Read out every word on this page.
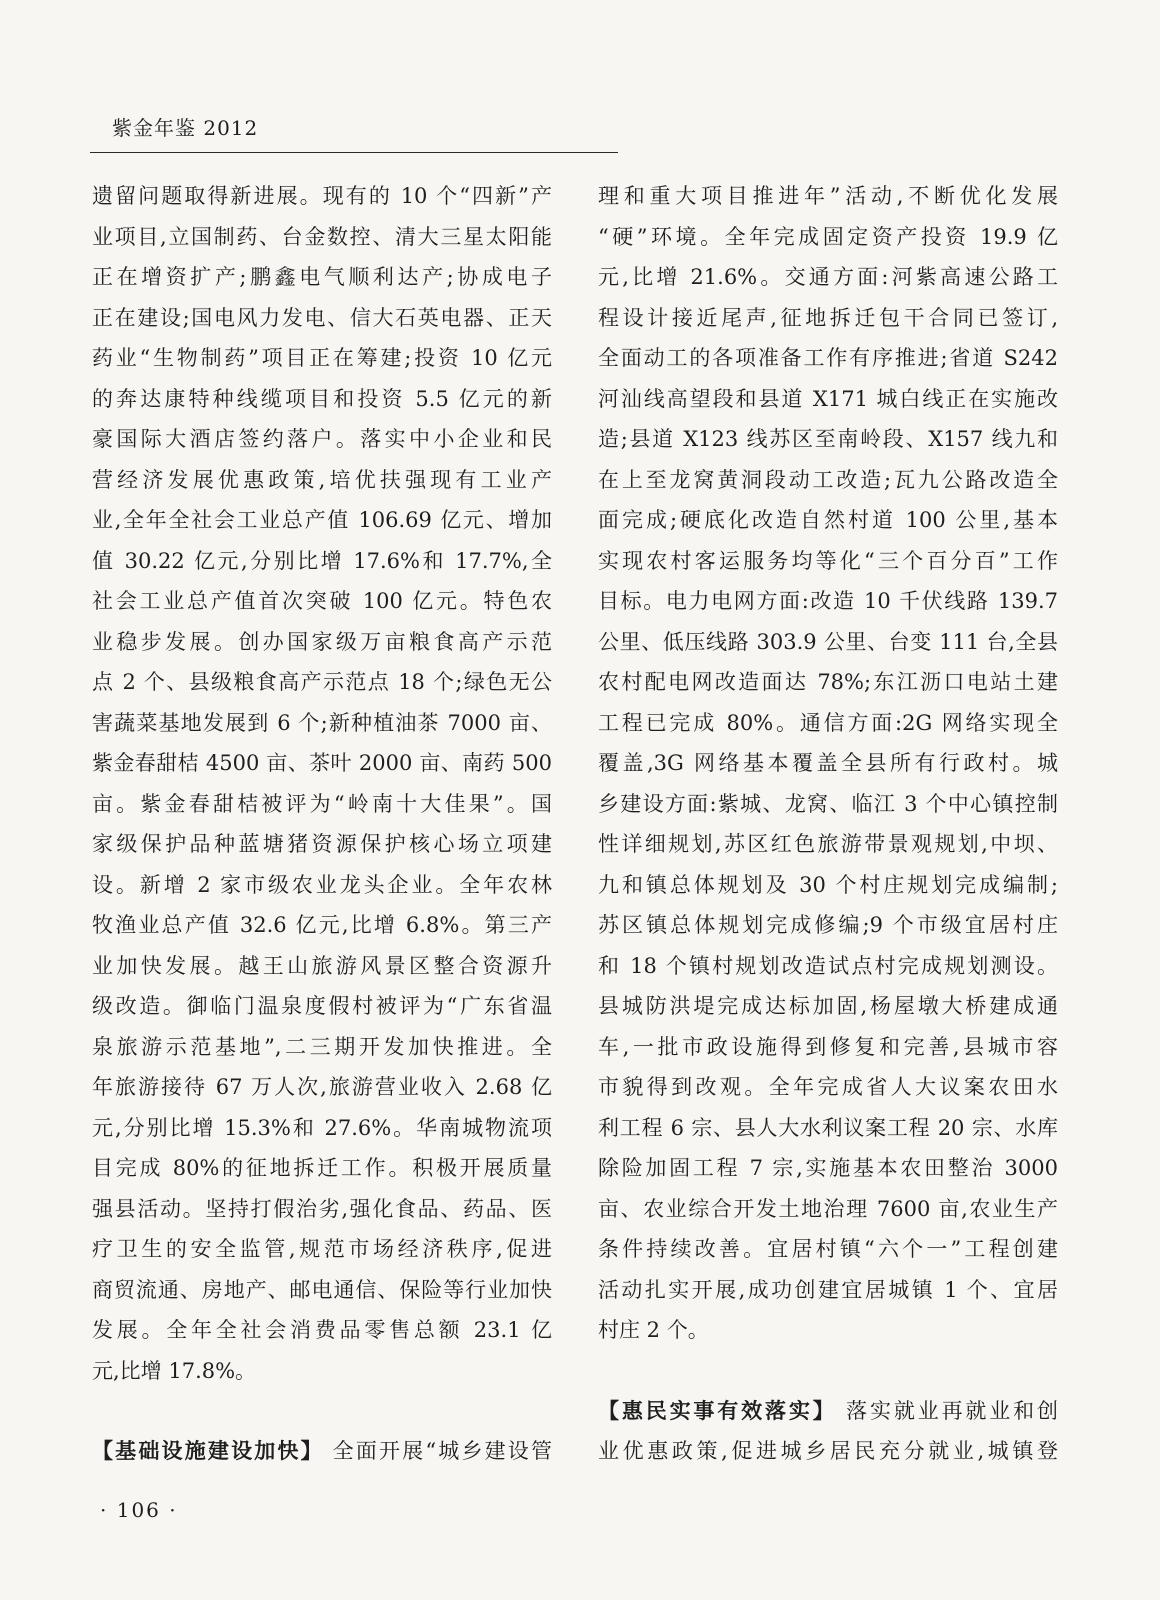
紫金年鉴 2012

遗留问题取得新进展。现有的 10 个“四新”产
业项目,立国制药、台金数控、清大三星太阳能
正在增资扩产;鹏鑫电气顺利达产;协成电子
正在建设;国电风力发电、信大石英电器、正天
药业“生物制药”项目正在筹建;投资 10 亿元
的奔达康特种线缆项目和投资 5.5 亿元的新
豪国际大酒店签约落户。落实中小企业和民
营经济发展优惠政策,培优扶强现有工业产
业,全年全社会工业总产值 106.69 亿元、增加
值 30.22 亿元,分别比增 17.6%和 17.7%,全
社会工业总产值首次突破 100 亿元。特色农
业稳步发展。创办国家级万亩粮食高产示范
点 2 个、县级粮食高产示范点 18 个;绿色无公
害蔬菜基地发展到 6 个;新种植油茶 7000 亩、
紫金春甜桔 4500 亩、茶叶 2000 亩、南药 500
亩。紫金春甜桔被评为“岭南十大佳果”。国
家级保护品种蓝塘猪资源保护核心场立项建
设。新增 2 家市级农业龙头企业。全年农林
牧渔业总产值 32.6 亿元,比增 6.8%。第三产
业加快发展。越王山旅游风景区整合资源升
级改造。御临门温泉度假村被评为“广东省温
泉旅游示范基地”,二三期开发加快推进。全
年旅游接待 67 万人次,旅游营业收入 2.68 亿
元,分别比增 15.3%和 27.6%。华南城物流项
目完成 80%的征地拆迁工作。积极开展质量
强县活动。坚持打假治劣,强化食品、药品、医
疗卫生的安全监管,规范市场经济秩序,促进
商贸流通、房地产、邮电通信、保险等行业加快
发展。全年全社会消费品零售总额 23.1 亿
元,比增 17.8%。

【基础设施建设加快】 全面开展“城乡建设管

理和重大项目推进年”活动,不断优化发展
“硬”环境。全年完成固定资产投资 19.9 亿
元,比增 21.6%。交通方面:河紫高速公路工
程设计接近尾声,征地拆迁包干合同已签订,
全面动工的各项准备工作有序推进;省道 S242
河汕线高望段和县道 X171 城白线正在实施改
造;县道 X123 线苏区至南岭段、X157 线九和
在上至龙窝黄洞段动工改造;瓦九公路改造全
面完成;硬底化改造自然村道 100 公里,基本
实现农村客运服务均等化“三个百分百”工作
目标。电力电网方面:改造 10 千伏线路 139.7
公里、低压线路 303.9 公里、台变 111 台,全县
农村配电网改造面达 78%;东江沥口电站土建
工程已完成 80%。通信方面:2G 网络实现全
覆盖,3G 网络基本覆盖全县所有行政村。城
乡建设方面:紫城、龙窝、临江 3 个中心镇控制
性详细规划,苏区红色旅游带景观规划,中坝、
九和镇总体规划及 30 个村庄规划完成编制;
苏区镇总体规划完成修编;9 个市级宜居村庄
和 18 个镇村规划改造试点村完成规划测设。
县城防洪堤完成达标加固,杨屋墩大桥建成通
车,一批市政设施得到修复和完善,县城市容
市貌得到改观。全年完成省人大议案农田水
利工程 6 宗、县人大水利议案工程 20 宗、水库
除险加固工程 7 宗,实施基本农田整治 3000
亩、农业综合开发土地治理 7600 亩,农业生产
条件持续改善。宜居村镇“六个一”工程创建
活动扎实开展,成功创建宜居城镇 1 个、宜居
村庄 2 个。

【惠民实事有效落实】 落实就业再就业和创
业优惠政策,促进城乡居民充分就业,城镇登

· 106 ·
